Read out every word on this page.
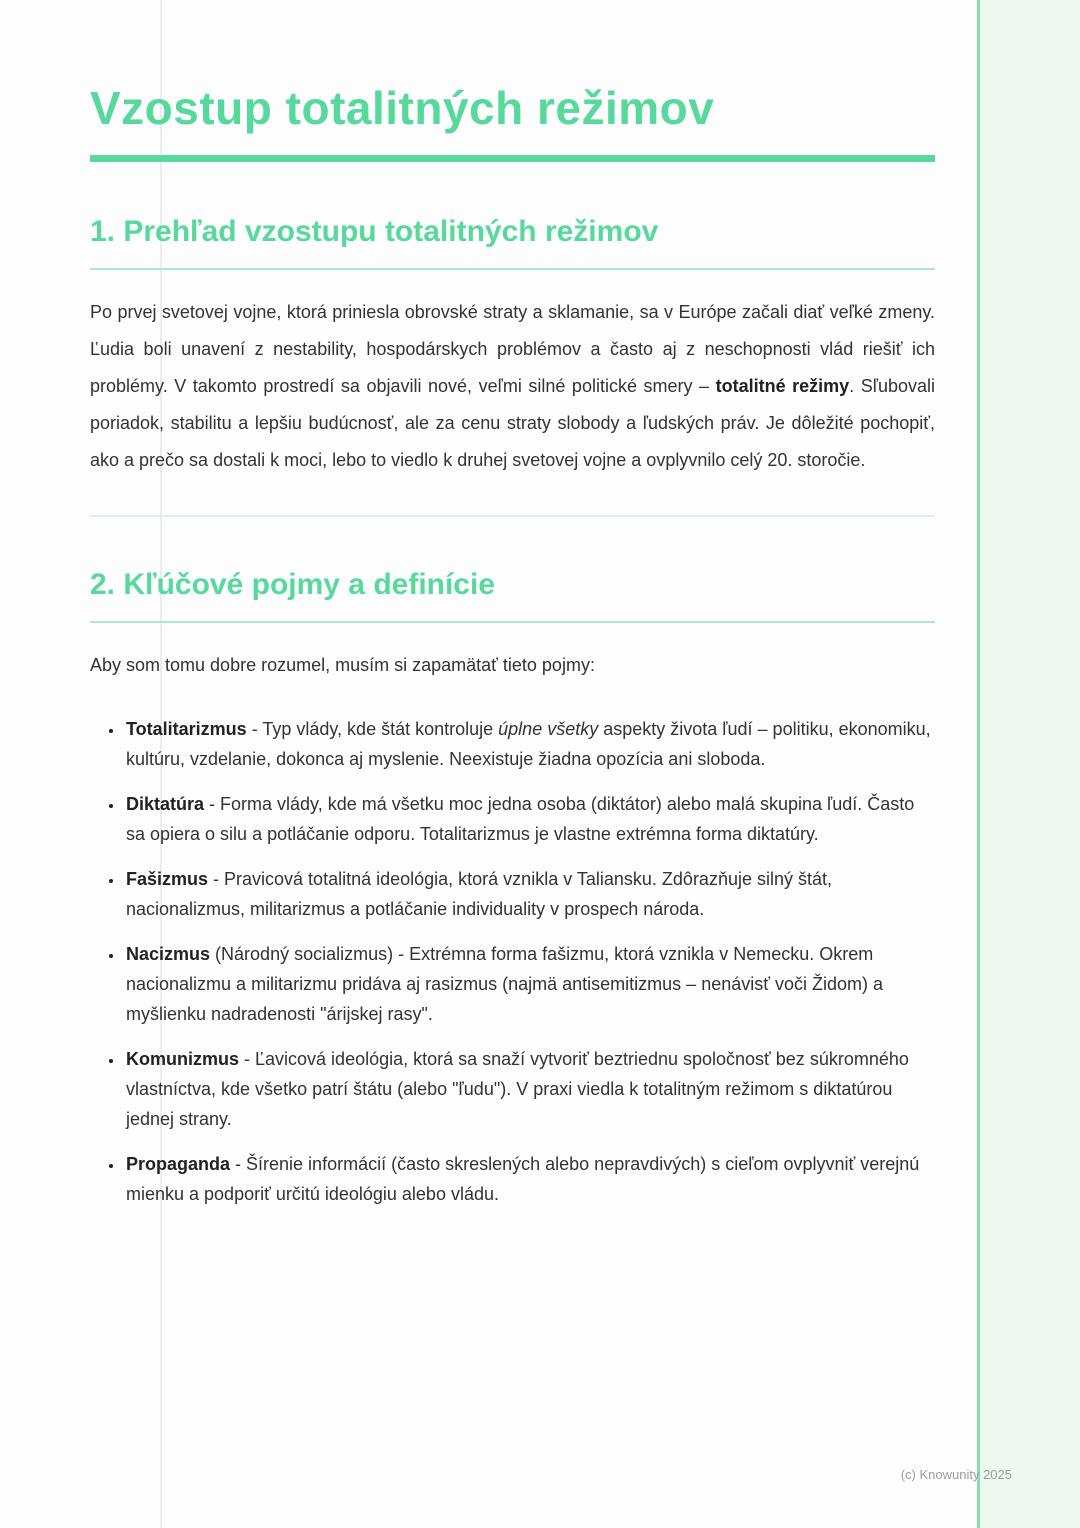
Vzostup totalitných režimov
1. Prehľad vzostupu totalitných režimov

Po prvej svetovej vojne, ktorá priniesla obrovské straty a sklamanie, sa v Európe začali diať veľké zmeny. Ľudia boli unavení z nestability, hospodárskych problémov a často aj z neschopnosti vlád riešiť ich problémy. V takomto prostredí sa objavili nové, veľmi silné politické smery – totalitné režimy. Sľubovali poriadok, stabilitu a lepšiu budúcnosť, ale za cenu straty slobody a ľudských práv. Je dôležité pochopiť, ako a prečo sa dostali k moci, lebo to viedlo k druhej svetovej vojne a ovplyvnilo celý 20. storočie.

2. Kľúčové pojmy a definície

Aby som tomu dobre rozumel, musím si zapamätať tieto pojmy:

• Totalitarizmus - Typ vlády, kde štát kontroluje úplne všetky aspekty života ľudí – politiku, ekonomiku, kultúru, vzdelanie, dokonca aj myslenie. Neexistuje žiadna opozícia ani sloboda.
• Diktatúra - Forma vlády, kde má všetku moc jedna osoba (diktátor) alebo malá skupina ľudí. Často sa opiera o silu a potláčanie odporu. Totalitarizmus je vlastne extrémna forma diktatúry.
• Fašizmus - Pravicová totalitná ideológia, ktorá vznikla v Taliansku. Zdôrazňuje silný štát, nacionalizmus, militarizmus a potláčanie individuality v prospech národa.
• Nacizmus (Národný socializmus) - Extrémna forma fašizmu, ktorá vznikla v Nemecku. Okrem nacionalizmu a militarizmu pridáva aj rasizmus (najmä antisemitizmus – nenávisť voči Židom) a myšlienku nadradenosti "árijskej rasy".
• Komunizmus - Ľavicová ideológia, ktorá sa snaží vytvoriť beztriednu spoločnosť bez súkromného vlastníctva, kde všetko patrí štátu (alebo "ľudu"). V praxi viedla k totalitným režimom s diktatúrou jednej strany.
• Propaganda - Šírenie informácií (často skreslených alebo nepravdivých) s cieľom ovplyvniť verejnú mienku a podporiť určitú ideológiu alebo vládu.
(c) Knowunity 2025
